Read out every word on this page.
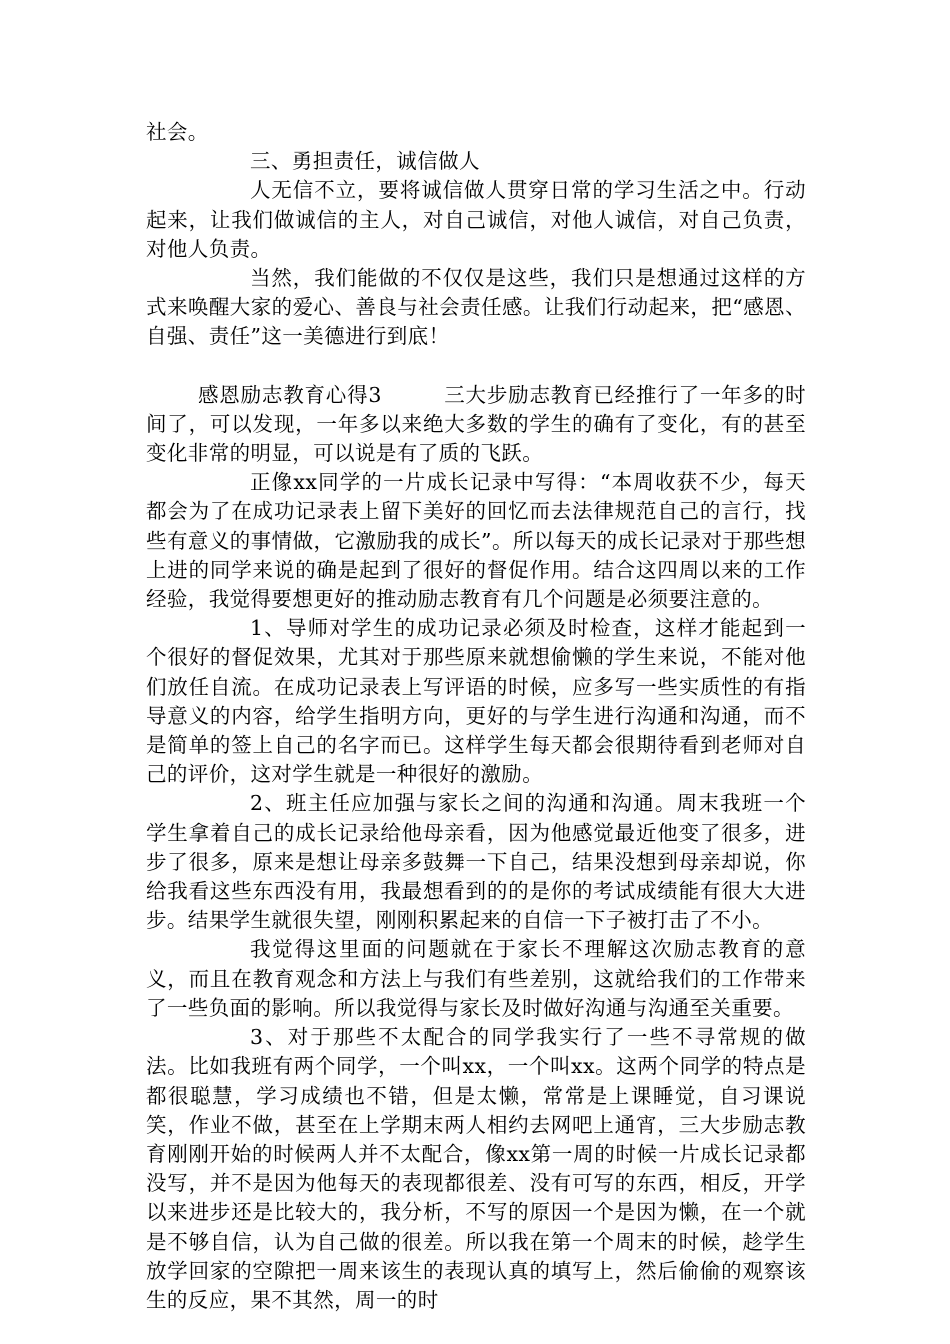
社会。

三、勇担责任，诚信做人

人无信不立，要将诚信做人贯穿日常的学习生活之中。行动起来，让我们做诚信的主人，对自己诚信，对他人诚信，对自己负责，对他人负责。

当然，我们能做的不仅仅是这些，我们只是想通过这样的方式来唤醒大家的爱心、善良与社会责任感。让我们行动起来，把“感恩、自强、责任”这一美德进行到底！

感恩励志教育心得3	三大步励志教育已经推行了一年多的时间了，可以发现，一年多以来绝大多数的学生的确有了变化，有的甚至变化非常的明显，可以说是有了质的飞跃。

正像xx同学的一片成长记录中写得：“本周收获不少，每天都会为了在成功记录表上留下美好的回忆而去法律规范自己的言行，找些有意义的事情做，它激励我的成长”。所以每天的成长记录对于那些想上进的同学来说的确是起到了很好的督促作用。结合这四周以来的工作经验，我觉得要想更好的推动励志教育有几个问题是必须要注意的。

1、导师对学生的成功记录必须及时检查，这样才能起到一个很好的督促效果，尤其对于那些原来就想偷懒的学生来说，不能对他们放任自流。在成功记录表上写评语的时候，应多写一些实质性的有指导意义的内容，给学生指明方向，更好的与学生进行沟通和沟通，而不是简单的签上自己的名字而已。这样学生每天都会很期待看到老师对自己的评价，这对学生就是一种很好的激励。

2、班主任应加强与家长之间的沟通和沟通。周末我班一个学生拿着自己的成长记录给他母亲看，因为他感觉最近他变了很多，进步了很多，原来是想让母亲多鼓舞一下自己，结果没想到母亲却说，你给我看这些东西没有用，我最想看到的的是你的考试成绩能有很大大进步。结果学生就很失望，刚刚积累起来的自信一下子被打击了不小。

我觉得这里面的问题就在于家长不理解这次励志教育的意义，而且在教育观念和方法上与我们有些差别，这就给我们的工作带来了一些负面的影响。所以我觉得与家长及时做好沟通与沟通至关重要。

3、对于那些不太配合的同学我实行了一些不寻常规的做法。比如我班有两个同学，一个叫xx，一个叫xx。这两个同学的特点是都很聪慧，学习成绩也不错，但是太懒，常常是上课睡觉，自习课说笑，作业不做，甚至在上学期末两人相约去网吧上通宵，三大步励志教育刚刚开始的时候两人并不太配合，像xx第一周的时候一片成长记录都没写，并不是因为他每天的表现都很差、没有可写的东西，相反，开学以来进步还是比较大的，我分析，不写的原因一个是因为懒，在一个就是不够自信，认为自己做的很差。所以我在第一个周末的时候，趁学生放学回家的空隙把一周来该生的表现认真的填写上，然后偷偷的观察该生的反应，果不其然，周一的时
